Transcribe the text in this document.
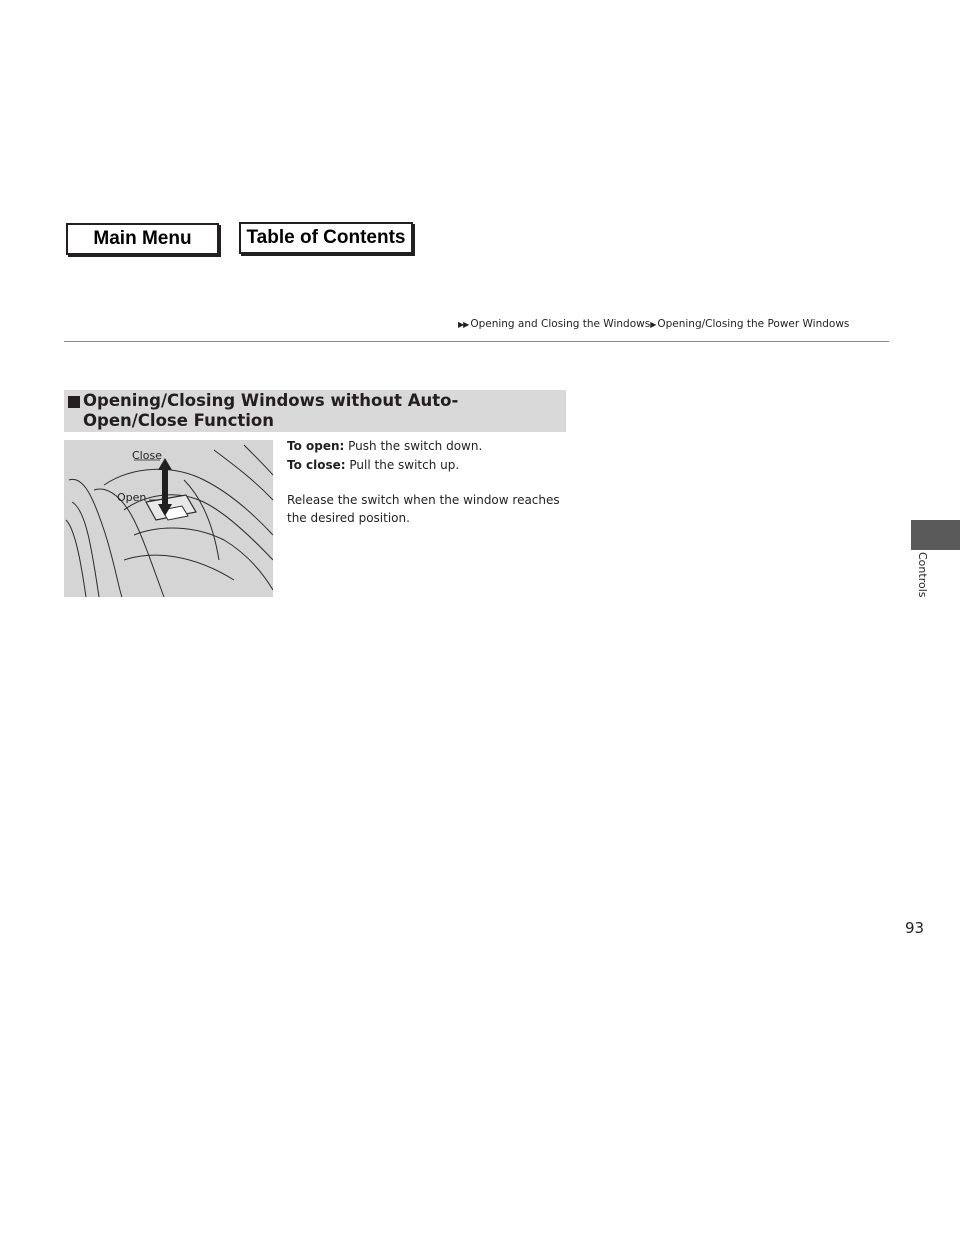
Main Menu	Table of Contents
▶▶ Opening and Closing the Windows▶ Opening/Closing the Power Windows
Opening/Closing Windows without Auto-Open/Close Function
Close
Open
To open: Push the switch down.
To close: Pull the switch up.
Release the switch when the window reaches the desired position.
Controls
93
